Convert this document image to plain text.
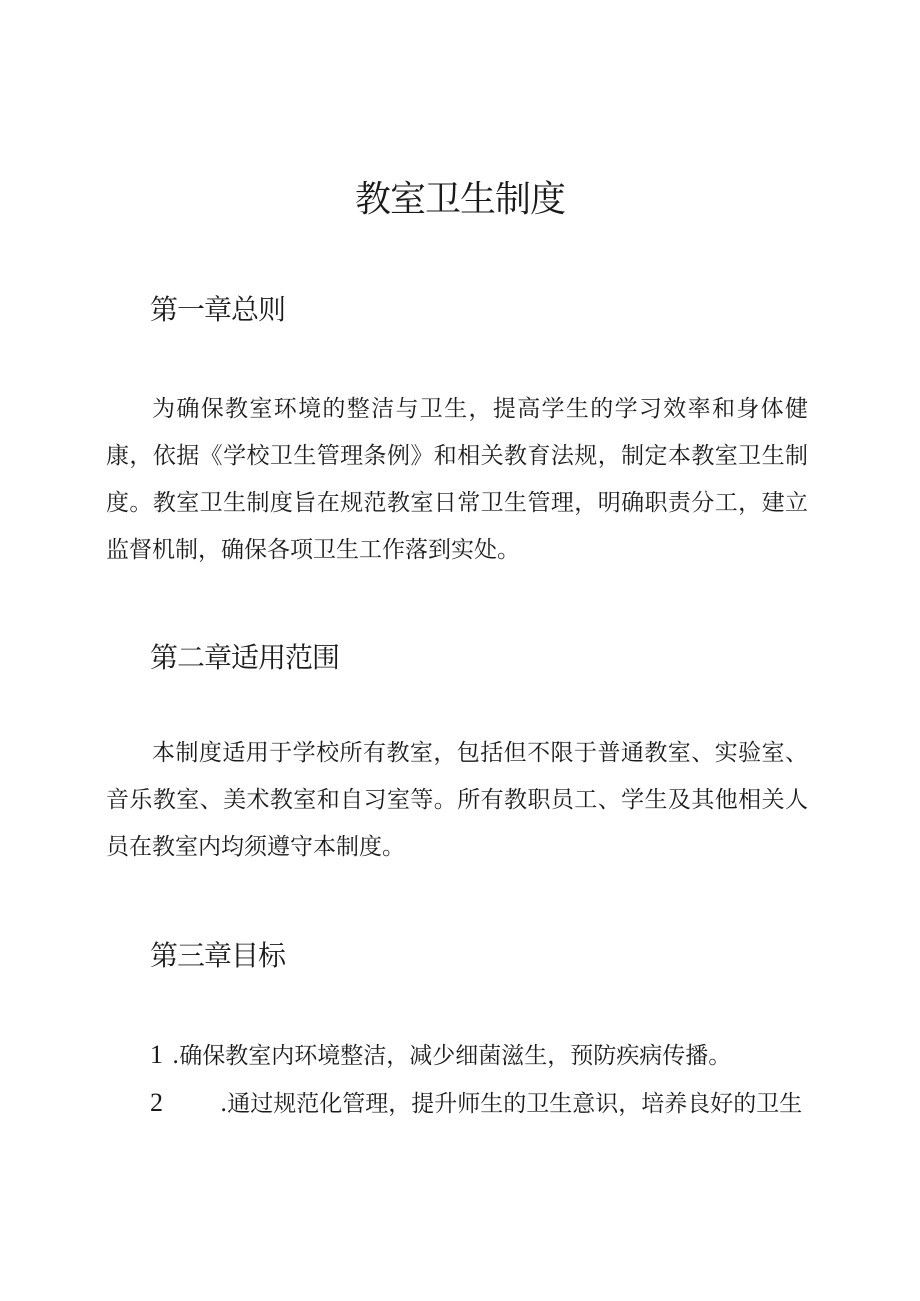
教室卫生制度
第一章总则

为确保教室环境的整洁与卫生，提高学生的学习效率和身体健康，依据《学校卫生管理条例》和相关教育法规，制定本教室卫生制度。教室卫生制度旨在规范教室日常卫生管理，明确职责分工，建立监督机制，确保各项卫生工作落到实处。

第二章适用范围

本制度适用于学校所有教室，包括但不限于普通教室、实验室、音乐教室、美术教室和自习室等。所有教职员工、学生及其他相关人员在教室内均须遵守本制度。

第三章目标
1 .确保教室内环境整洁，减少细菌滋生，预防疾病传播。
2 .通过规范化管理，提升师生的卫生意识，培养良好的卫生
